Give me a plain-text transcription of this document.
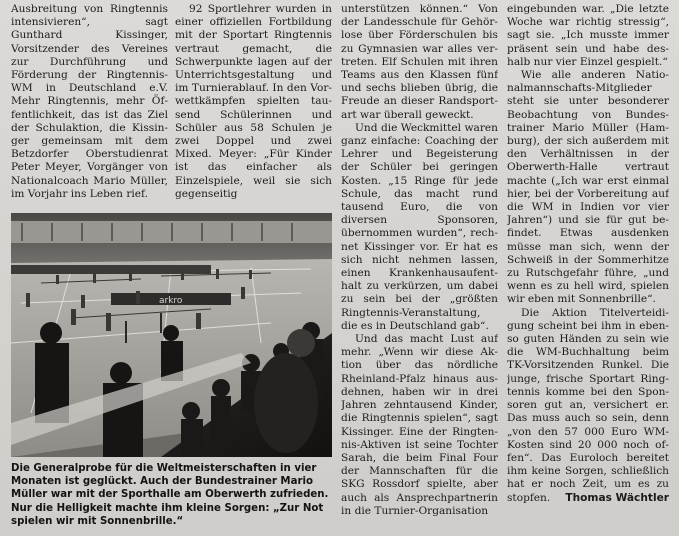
Ausbreitung von Ringtennis intensivieren“, sagt Gunthard Kissinger, Vorsitzender des Vereines zur Durchführung und Förderung der Ringtennis-WM in Deutschland e.V. Mehr Ringtennis, mehr Öffentlichkeit, das ist das Ziel der Schulaktion, die Kissinger gemeinsam mit dem Betzdorfer Oberstudienrat Peter Meyer, Vorgänger von Nationalcoach Mario Müller, im Vorjahr ins Leben rief.

92 Sportlehrer wurden in einer offiziellen Fortbildung mit der Sportart Ringtennis vertraut gemacht, die Schwerpunkte lagen auf der Unterrichtsgestaltung und im Turnierablauf. In den Vorwettkämpfen spielten tausend Schülerinnen und Schüler aus 58 Schulen je zwei Doppel und zwei Mixed. Meyer: „Für Kinder ist das einfacher als Einzelspiele, weil sie sich gegenseitig

arkro

Die Generalprobe für die Weltmeisterschaften in vier Monaten ist geglückt. Auch der Bundestrainer Mario Müller war mit der Sporthalle am Oberwerth zufrieden. Nur die Helligkeit machte ihm kleine Sorgen: „Zur Not spielen wir mit Sonnenbrille.“

unterstützen können.“ Von der Landesschule für Gehörlose über Förderschulen bis zu Gymnasien war alles vertreten. Elf Schulen mit ihren Teams aus den Klassen fünf und sechs blieben übrig, die Freude an dieser Randsportart war überall geweckt.

Und die Weckmittel waren ganz einfache: Coaching der Lehrer und Begeisterung der Schüler bei geringen Kosten. „15 Ringe für jede Schule, das macht rund tausend Euro, die von diversen Sponsoren, übernommen wurden“, rechnet Kissinger vor. Er hat es sich nicht nehmen lassen, einen Krankenhausaufenthalt zu verkürzen, um dabei zu sein bei der „größten Ringtennis-Veranstaltung, die es in Deutschland gab“.

Und das macht Lust auf mehr. „Wenn wir diese Aktion über das nördliche Rheinland-Pfalz hinaus ausdehnen, haben wir in drei Jahren zehntausend Kinder, die Ringtennis spielen“, sagt Kissinger. Eine der Ringtennis-Aktiven ist seine Tochter Sarah, die beim Final Four der Mannschaften für die SKG Rossdorf spielte, aber auch als Ansprechpartnerin in die Turnier-Organisation

eingebunden war. „Die letzte Woche war richtig stressig“, sagt sie. „Ich musste immer präsent sein und habe deshalb nur vier Einzel gespielt.“

Wie alle anderen Nationalmannschafts-Mitglieder steht sie unter besonderer Beobachtung von Bundestrainer Mario Müller (Hamburg), der sich außerdem mit den Verhältnissen in der Oberwerth-Halle vertraut machte („Ich war erst einmal hier, bei der Vorbereitung auf die WM in Indien vor vier Jahren“) und sie für gut befindet. Etwas ausdenken müsse man sich, wenn der Schweiß in der Sommerhitze zu Rutschgefahr führe, „und wenn es zu hell wird, spielen wir eben mit Sonnenbrille“.

Die Aktion Titelverteidigung scheint bei ihm in ebenso guten Händen zu sein wie die WM-Buchhaltung beim TK-Vorsitzenden Runkel. Die junge, frische Sportart Ringtennis komme bei den Sponsoren gut an, versichert er. Das muss auch so sein, denn „von den 57 000 Euro WM-Kosten sind 20 000 noch offen“. Das Euroloch bereitet ihm keine Sorgen, schließlich hat er noch Zeit, um es zu stopfen.	Thomas Wächtler
